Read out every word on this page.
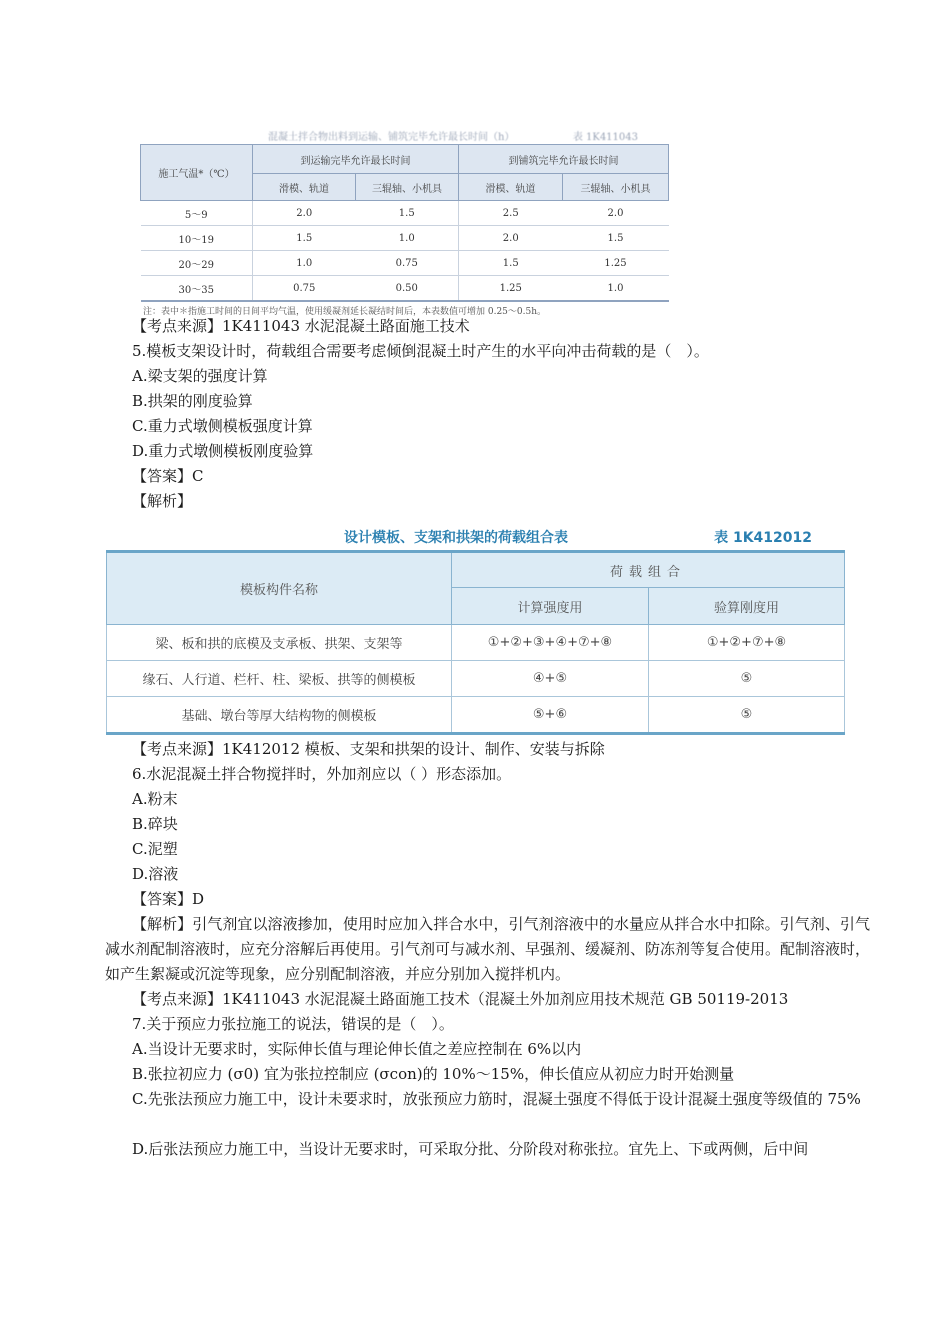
混凝土拌合物出料到运输、铺筑完毕允许最长时间（h）	表 1K411043
施工气温*（℃）	到运输完毕允许最长时间		到铺筑完毕允许最长时间	
	滑模、轨道	三辊轴、小机具	滑模、轨道	三辊轴、小机具
5～9	2.0	1.5	2.5	2.0
10～19	1.5	1.0	2.0	1.5
20～29	1.0	0.75	1.5	1.25
30～35	0.75	0.50	1.25	1.0
注：表中＊指施工时间的日间平均气温，使用缓凝剂延长凝结时间后，本表数值可增加 0.25～0.5h。
【考点来源】1K411043 水泥混凝土路面施工技术
5.模板支架设计时，荷载组合需要考虑倾倒混凝土时产生的水平向冲击荷载的是（　）。
A.梁支架的强度计算
B.拱架的刚度验算
C.重力式墩侧模板强度计算
D.重力式墩侧模板刚度验算
【答案】C
【解析】
设计模板、支架和拱架的荷载组合表	表 1K412012
模板构件名称	荷载组合	
	计算强度用	验算刚度用
梁、板和拱的底模及支承板、拱架、支架等	①+②+③+④+⑦+⑧	①+②+⑦+⑧
缘石、人行道、栏杆、柱、梁板、拱等的侧模板	④+⑤	⑤
基础、墩台等厚大结构物的侧模板	⑤+⑥	⑤
【考点来源】1K412012 模板、支架和拱架的设计、制作、安装与拆除
6.水泥混凝土拌合物搅拌时，外加剂应以（ ）形态添加。
A.粉末
B.碎块
C.泥塑
D.溶液
【答案】D
【解析】引气剂宜以溶液掺加，使用时应加入拌合水中，引气剂溶液中的水量应从拌合水中扣除。引气剂、引气减水剂配制溶液时，应充分溶解后再使用。引气剂可与减水剂、早强剂、缓凝剂、防冻剂等复合使用。配制溶液时，如产生絮凝或沉淀等现象，应分别配制溶液，并应分别加入搅拌机内。
【考点来源】1K411043 水泥混凝土路面施工技术（混凝土外加剂应用技术规范 GB 50119-2013
7.关于预应力张拉施工的说法，错误的是（　）。
A.当设计无要求时，实际伸长值与理论伸长值之差应控制在 6%以内
B.张拉初应力 (σ0) 宜为张拉控制应 (σcon)的 10%～15%，伸长值应从初应力时开始测量
C.先张法预应力施工中，设计未要求时，放张预应力筋时，混凝土强度不得低于设计混凝土强度等级值的 75%
D.后张法预应力施工中，当设计无要求时，可采取分批、分阶段对称张拉。宜先上、下或两侧，后中间
